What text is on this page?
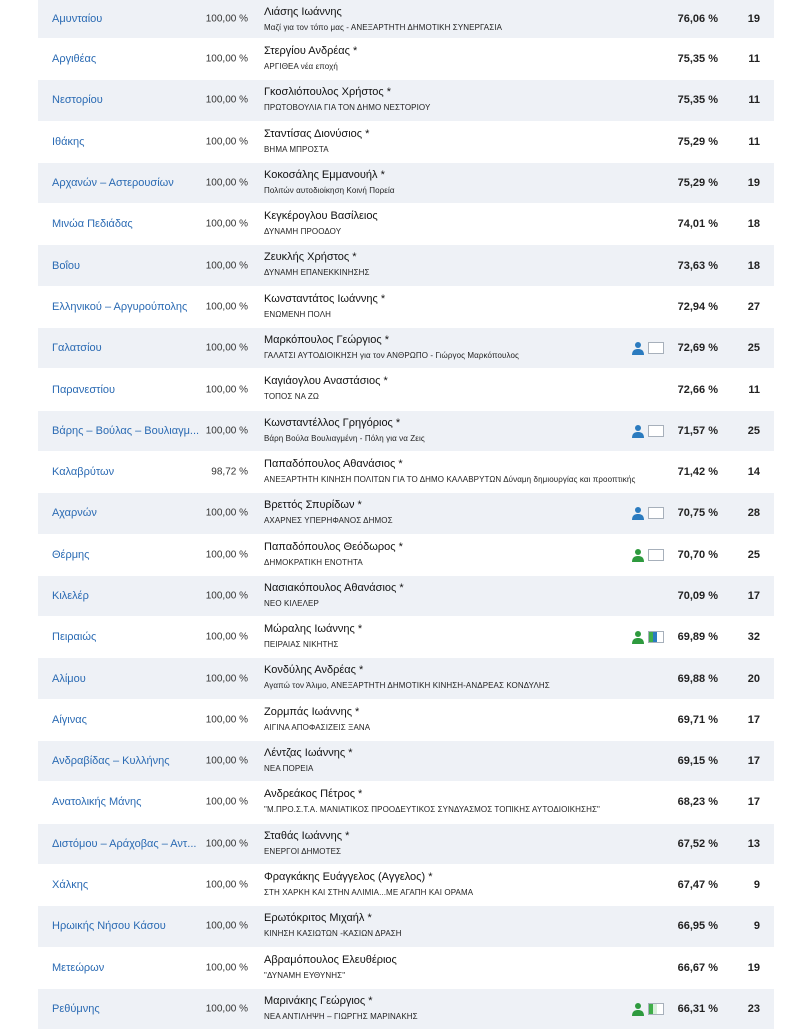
Αμυνταίου	100,00 %
Λιάσης Ιωάννης
Μαζί για τον τόπο μας - ΑΝΕΞΑΡΤΗΤΗ ΔΗΜΟΤΙΚΗ ΣΥΝΕΡΓΑΣΙΑ
76,06 %	19
Αργιθέας	100,00 %
Στεργίου Ανδρέας *
ΑΡΓΙΘΕΑ νέα εποχή
75,35 %	11
Νεστορίου	100,00 %
Γκοσλιόπουλος Χρήστος *
ΠΡΩΤΟΒΟΥΛΙΑ ΓΙΑ ΤΟΝ ΔΗΜΟ ΝΕΣΤΟΡΙΟΥ
75,35 %	11
Ιθάκης	100,00 %
Σταντίσας Διονύσιος *
ΒΗΜΑ ΜΠΡΟΣΤΑ
75,29 %	11
Αρχανών – Αστερουσίων	100,00 %
Κοκοσάλης Εμμανουήλ *
Πολιτών αυτοδιοίκηση Κοινή Πορεία
75,29 %	19
Μινώα Πεδιάδας	100,00 %
Κεγκέρογλου Βασίλειος
ΔΥΝΑΜΗ ΠΡΟΟΔΟΥ
74,01 %	18
Βοΐου	100,00 %
Ζευκλής Χρήστος *
ΔΥΝΑΜΗ ΕΠΑΝΕΚΚΙΝΗΣΗΣ
73,63 %	18
Ελληνικού – Αργυρούπολης	100,00 %
Κωνσταντάτος Ιωάννης *
ΕΝΩΜΕΝΗ ΠΟΛΗ
72,94 %	27
Γαλατσίου	100,00 %
Μαρκόπουλος Γεώργιος *
ΓΑΛΑΤΣΙ ΑΥΤΟΔΙΟΙΚΗΣΗ για τον ΑΝΘΡΩΠΟ - Γιώργος Μαρκόπουλος
72,69 %	25
Παρανεστίου	100,00 %
Καγιάογλου Αναστάσιος *
ΤΟΠΟΣ ΝΑ ΖΩ
72,66 %	11
Βάρης – Βούλας – Βουλιαγμ... 100,00 %
Κωνσταντέλλος Γρηγόριος *
Βάρη Βούλα Βουλιαγμένη - Πόλη για να Ζεις
71,57 %	25
Καλαβρύτων	98,72 %
Παπαδόπουλος Αθανάσιος *
ΑΝΕΞΑΡΤΗΤΗ ΚΙΝΗΣΗ ΠΟΛΙΤΩΝ ΓΙΑ ΤΟ ΔΗΜΟ ΚΑΛΑΒΡΥΤΩΝ Δύναμη δημιουργίας και προοπτικής
71,42 %	14
Αχαρνών	100,00 %
Βρεττός Σπυρίδων *
ΑΧΑΡΝΕΣ ΥΠΕΡΗΦΑΝΟΣ ΔΗΜΟΣ
70,75 %	28
Θέρμης	100,00 %
Παπαδόπουλος Θεόδωρος *
ΔΗΜΟΚΡΑΤΙΚΗ ΕΝΟΤΗΤΑ
70,70 %	25
Κιλελέρ	100,00 %
Νασιακόπουλος Αθανάσιος *
ΝΕΟ ΚΙΛΕΛΕΡ
70,09 %	17
Πειραιώς	100,00 %
Μώραλης Ιωάννης *
ΠΕΙΡΑΙΑΣ ΝΙΚΗΤΗΣ
69,89 %	32
Αλίμου	100,00 %
Κονδύλης Ανδρέας *
Αγαπώ τον Άλιμο, ΑΝΕΞΑΡΤΗΤΗ ΔΗΜΟΤΙΚΗ ΚΙΝΗΣΗ-ΑΝΔΡΕΑΣ ΚΟΝΔΥΛΗΣ
69,88 %	20
Αίγινας	100,00 %
Ζορμπάς Ιωάννης *
ΑΙΓΙΝΑ ΑΠΟΦΑΣΙΖΕΙΣ ΞΑΝΑ
69,71 %	17
Ανδραβίδας – Κυλλήνης	100,00 %
Λέντζας Ιωάννης *
ΝΕΑ ΠΟΡΕΙΑ
69,15 %	17
Ανατολικής Μάνης	100,00 %
Ανδρεάκος Πέτρος *
"Μ.ΠΡΟ.Σ.Τ.Α. ΜΑΝΙΑΤΙΚΟΣ ΠΡΟΟΔΕΥΤΙΚΟΣ ΣΥΝΔΥΑΣΜΟΣ ΤΟΠΙΚΗΣ ΑΥΤΟΔΙΟΙΚΗΣΗΣ"
68,23 %	17
Διστόμου – Αράχοβας – Αντ... 100,00 %
Σταθάς Ιωάννης *
ΕΝΕΡΓΟΙ ΔΗΜΟΤΕΣ
67,52 %	13
Χάλκης	100,00 %
Φραγκάκης Ευάγγελος (Αγγελος) *
ΣΤΗ ΧΑΡΚΗ ΚΑΙ ΣΤΗΝ ΑΛΙΜΙΑ...ΜΕ ΑΓΑΠΗ ΚΑΙ ΟΡΑΜΑ
67,47 %	9
Ηρωικής Νήσου Κάσου	100,00 %
Ερωτόκριτος Μιχαήλ *
ΚΙΝΗΣΗ ΚΑΣΙΩΤΩΝ -ΚΑΣΙΩΝ ΔΡΑΣΗ
66,95 %	9
Μετεώρων	100,00 %
Αβραμόπουλος Ελευθέριος
"ΔΥΝΑΜΗ ΕΥΘΥΝΗΣ"
66,67 %	19
Ρεθύμνης	100,00 %
Μαρινάκης Γεώργιος *
ΝΕΑ ΑΝΤΙΛΗΨΗ – ΓΙΩΡΓΗΣ ΜΑΡΙΝΑΚΗΣ
66,31 %	23
